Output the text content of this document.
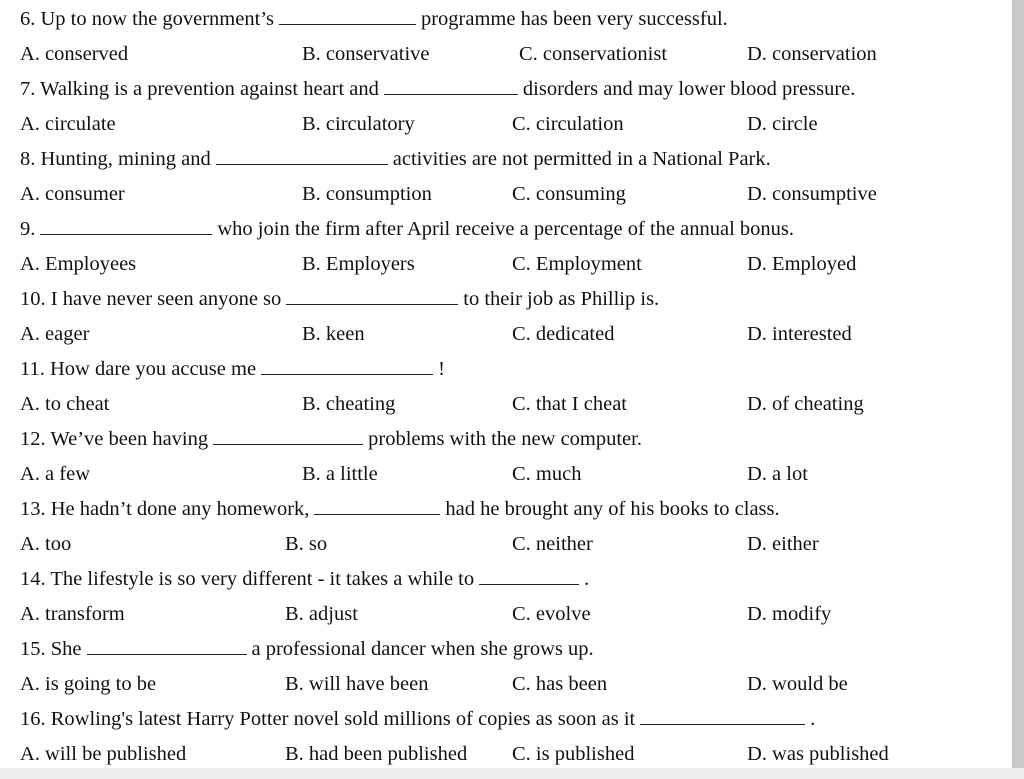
6. Up to now the government’s	programme has been very successful.
A. conserved	B. conservative	C. conservationist	D. conservation
7. Walking is a prevention against heart and	disorders and may lower blood pressure.
A. circulate	B. circulatory	C. circulation	D. circle
8. Hunting, mining and	activities are not permitted in a National Park.
A. consumer	B. consumption	C. consuming	D. consumptive
9.	who join the firm after April receive a percentage of the annual bonus.
A. Employees	B. Employers	C. Employment	D. Employed
10. I have never seen anyone so	to their job as Phillip is.
A. eager	B. keen	C. dedicated	D. interested
11. How dare you accuse me	!
A. to cheat	B. cheating	C. that I cheat	D. of cheating
12. We’ve been having	problems with the new computer.
A. a few	B. a little	C. much	D. a lot
13. He hadn’t done any homework,	had he brought any of his books to class.
A. too	B. so	C. neither	D. either
14. The lifestyle is so very different - it takes a while to	.
A. transform	B. adjust	C. evolve	D. modify
15. She	a professional dancer when she grows up.
A. is going to be	B. will have been	C. has been	D. would be
16. Rowling's latest Harry Potter novel sold millions of copies as soon as it	.
A. will be published	B. had been published C. is published	D. was published
